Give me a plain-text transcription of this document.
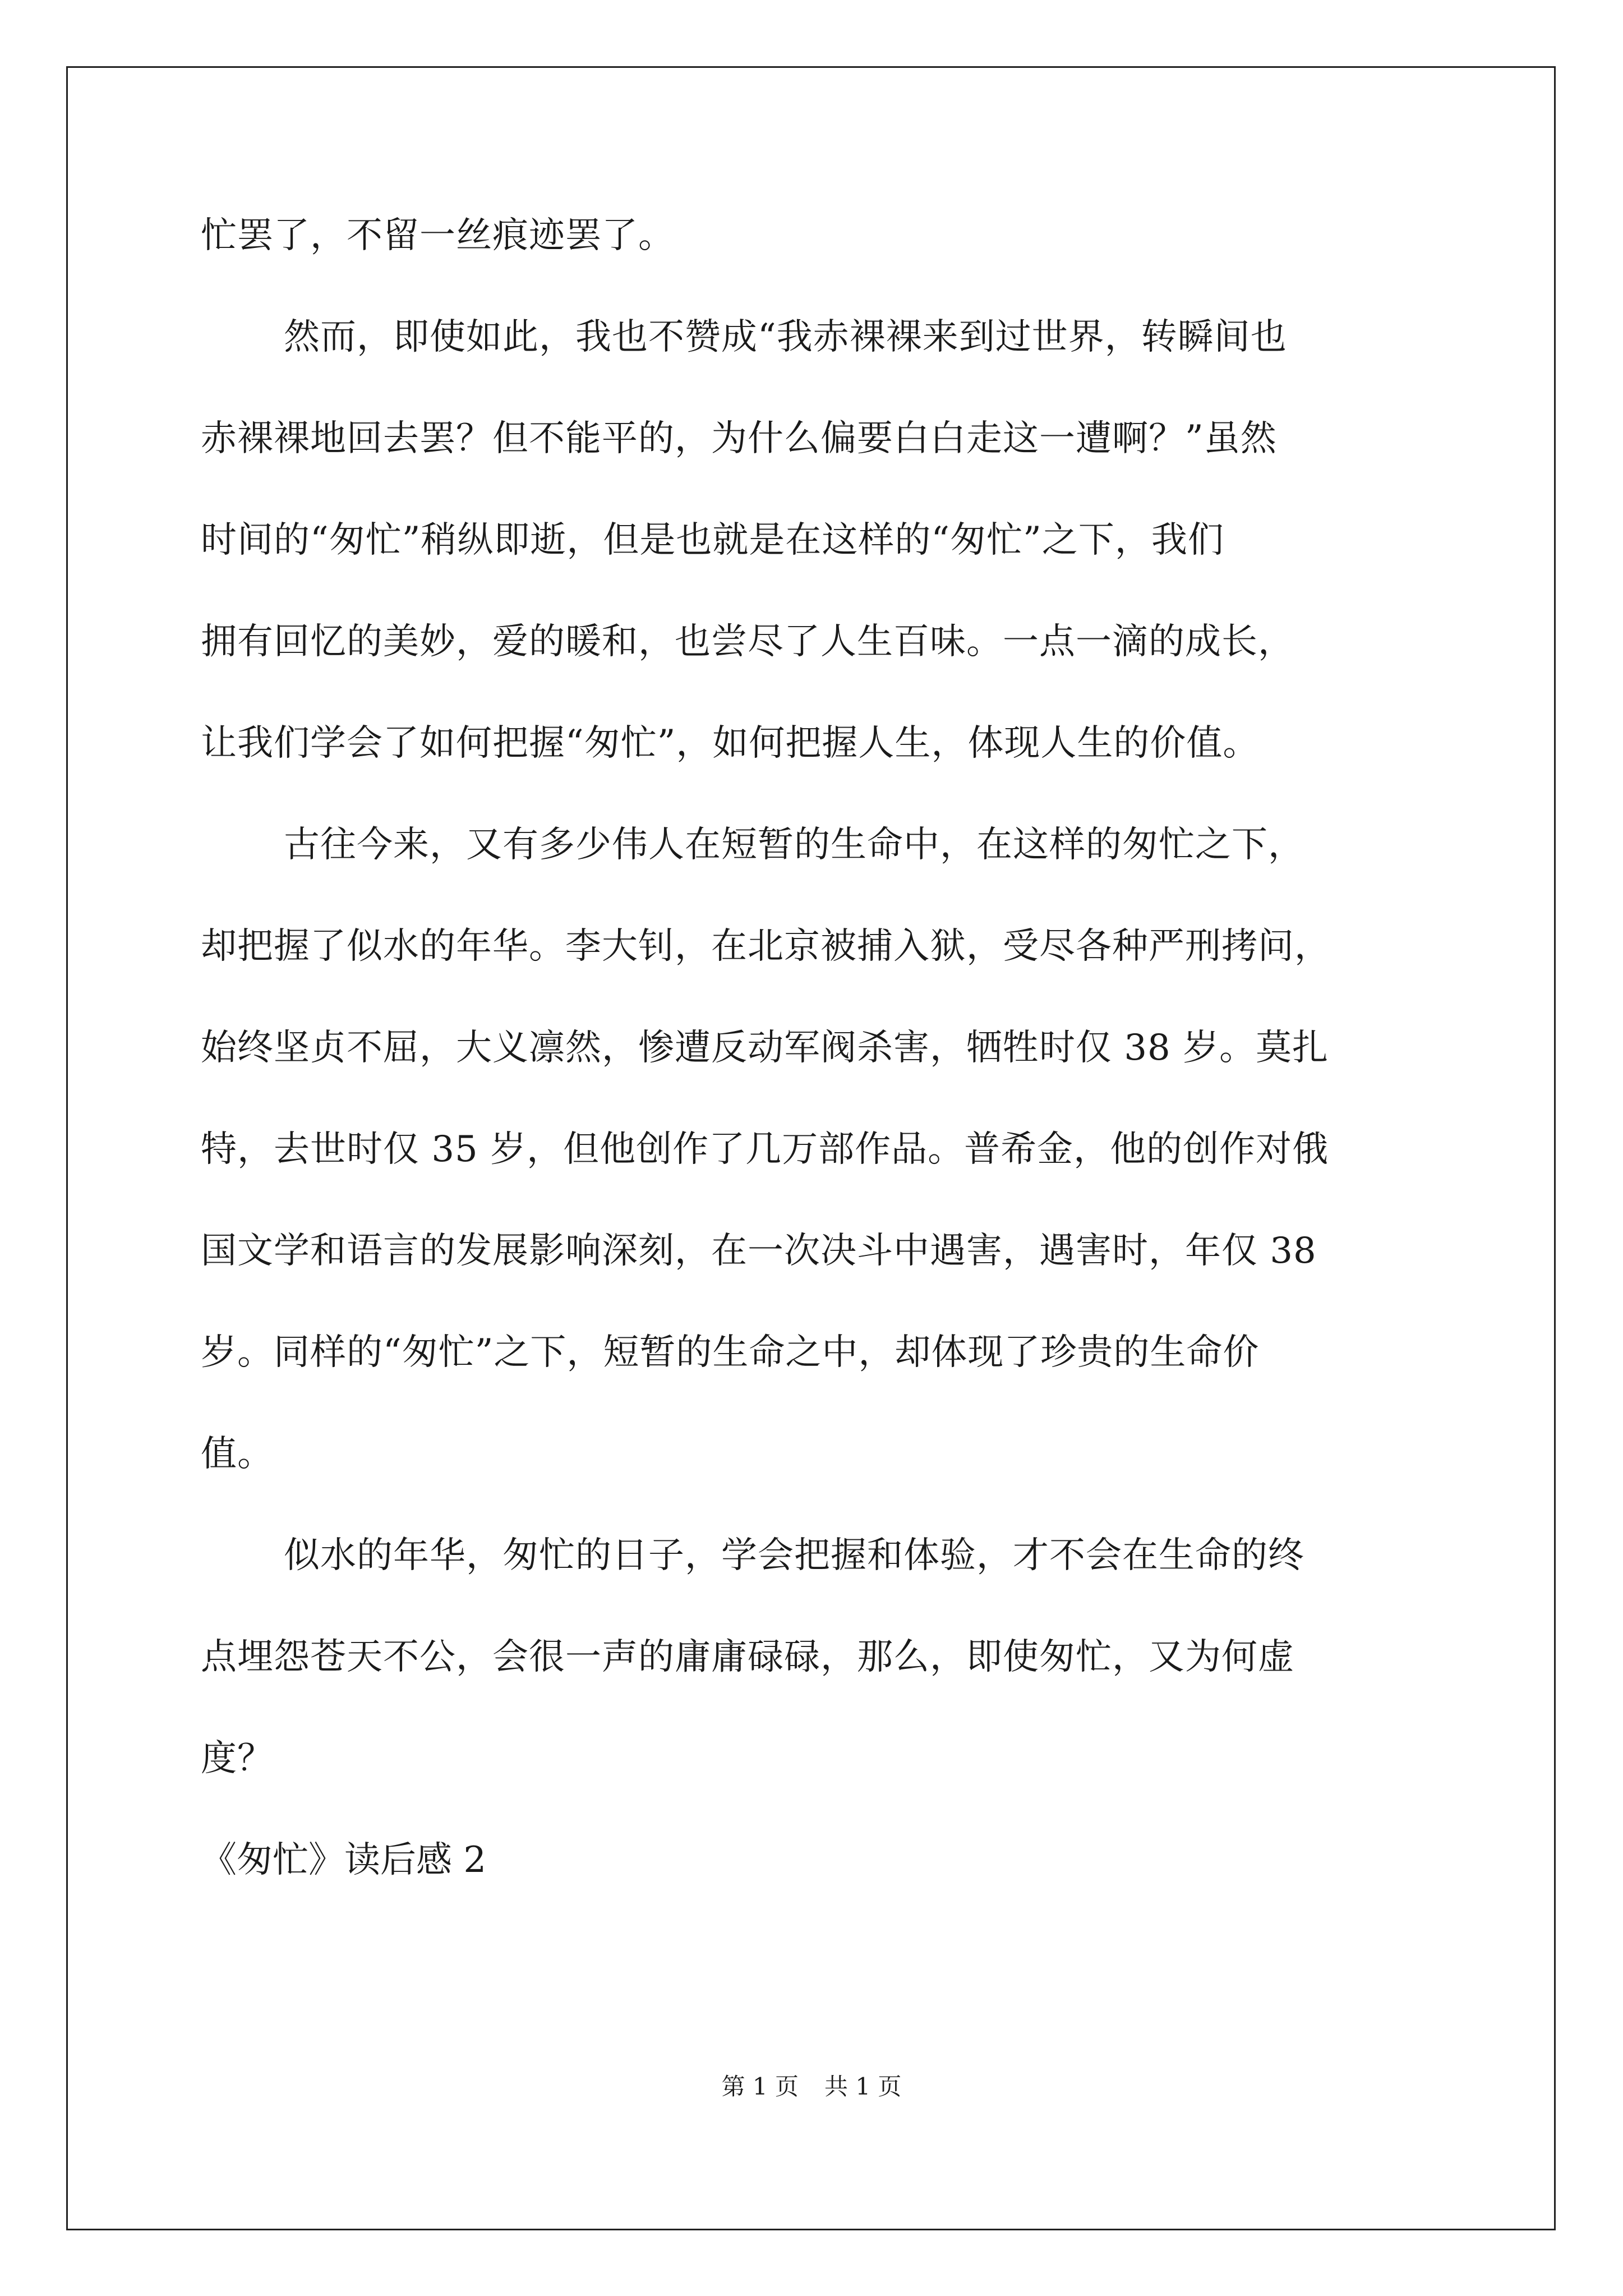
忙罢了，不留一丝痕迹罢了。
然而，即使如此，我也不赞成“我赤裸裸来到过世界，转瞬间也
赤裸裸地回去罢？但不能平的，为什么偏要白白走这一遭啊？”虽然
时间的“匆忙”稍纵即逝，但是也就是在这样的“匆忙”之下，我们
拥有回忆的美妙，爱的暖和，也尝尽了人生百味。一点一滴的成长，
让我们学会了如何把握“匆忙”，如何把握人生，体现人生的价值。
古往今来，又有多少伟人在短暂的生命中，在这样的匆忙之下，
却把握了似水的年华。李大钊，在北京被捕入狱，受尽各种严刑拷问，
始终坚贞不屈，大义凛然，惨遭反动军阀杀害，牺牲时仅 38 岁。莫扎
特，去世时仅 35 岁，但他创作了几万部作品。普希金，他的创作对俄
国文学和语言的发展影响深刻，在一次决斗中遇害，遇害时，年仅 38
岁。同样的“匆忙”之下，短暂的生命之中，却体现了珍贵的生命价
值。
似水的年华，匆忙的日子，学会把握和体验，才不会在生命的终
点埋怨苍天不公，会很一声的庸庸碌碌，那么，即使匆忙，又为何虚
度？
《匆忙》读后感 2
第 1 页 共 1 页
